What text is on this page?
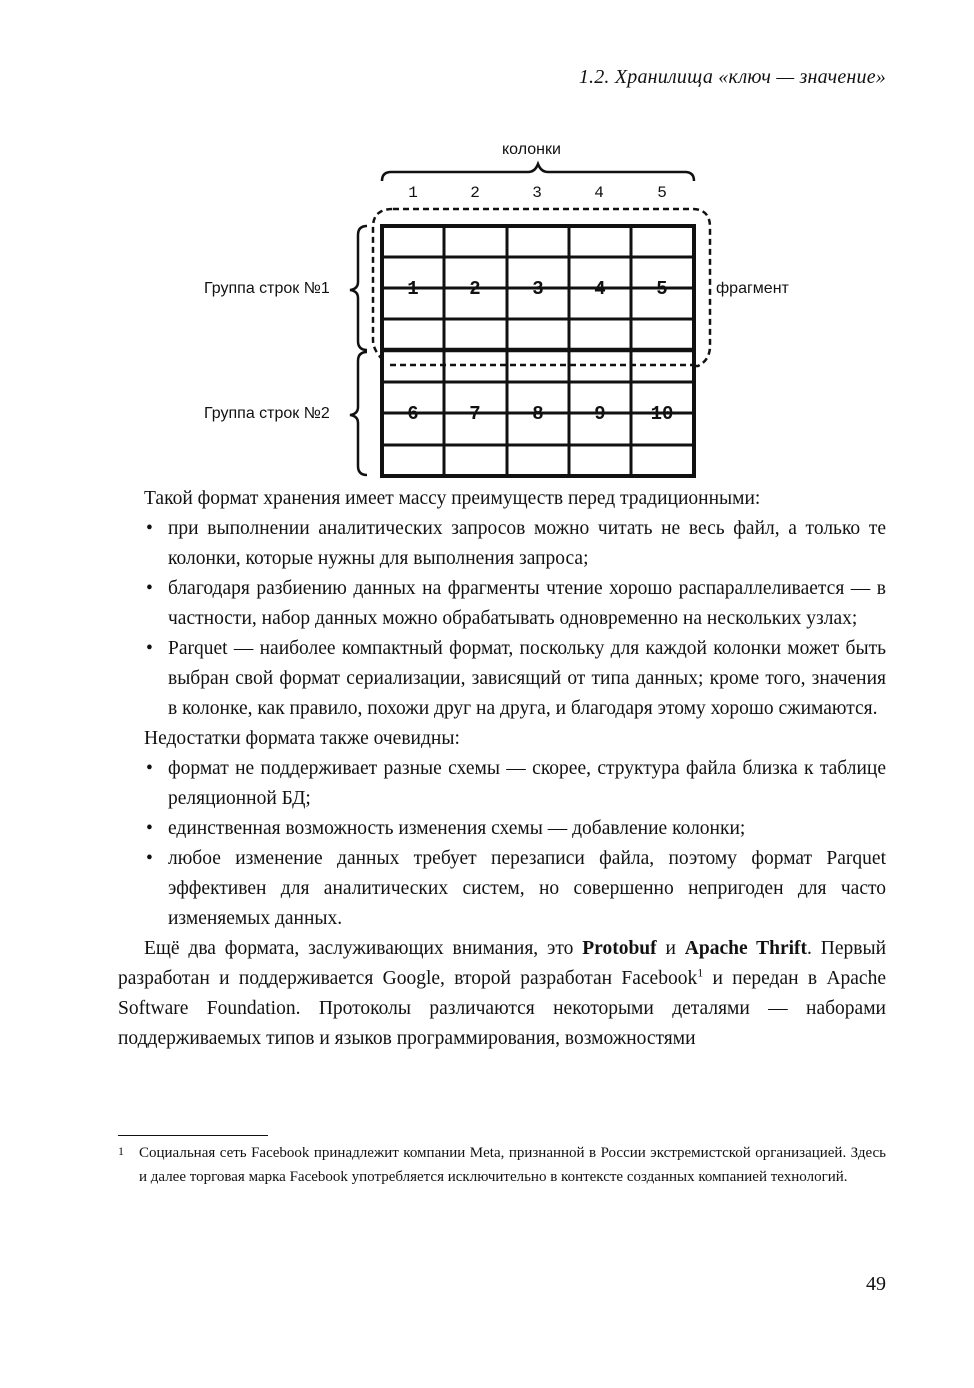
1.2. Хранилища «ключ — значение»
колонки
1	2	3	4	5
Группа строк №1
Группа строк №2
фрагмент
1	2	3	4	5
6	7	8	9	10

Такой формат хранения имеет массу преимуществ перед традиционными:

• при выполнении аналитических запросов можно читать не весь файл, а только те колонки, которые нужны для выполнения запроса;
• благодаря разбиению данных на фрагменты чтение хорошо распараллеливается — в частности, набор данных можно обрабатывать одновременно на нескольких узлах;
• Parquet — наиболее компактный формат, поскольку для каждой колонки может быть выбран свой формат сериализации, зависящий от типа данных; кроме того, значения в колонке, как правило, похожи друг на друга, и благодаря этому хорошо сжимаются.

Недостатки формата также очевидны:

• формат не поддерживает разные схемы — скорее, структура файла близка к таблице реляционной БД;
• единственная возможность изменения схемы — добавление колонки;
• любое изменение данных требует перезаписи файла, поэтому формат Parquet эффективен для аналитических систем, но совершенно непригоден для часто изменяемых данных.

Ещё два формата, заслуживающих внимания, это Protobuf и Apache Thrift. Первый разработан и поддерживается Google, второй разработан Facebook$^1$ и передан в Apache Software Foundation. Протоколы различаются некоторыми деталями — наборами поддерживаемых типов и языков программирования, возможностями

1 Социальная сеть Facebook принадлежит компании Meta, признанной в России экстремистской организацией. Здесь и далее торговая марка Facebook употребляется исключительно в контексте созданных компанией технологий.
49
